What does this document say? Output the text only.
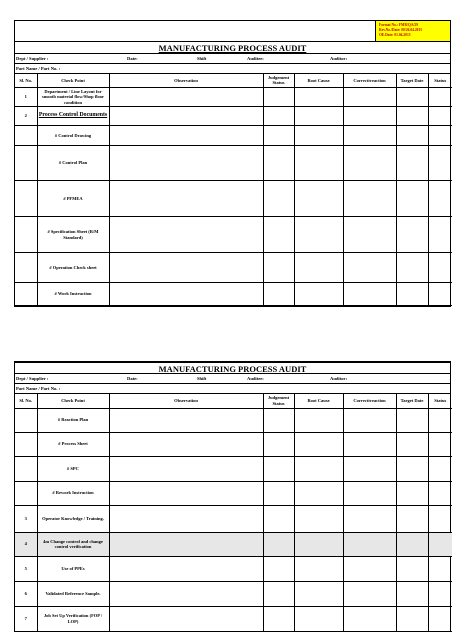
Format No.: FMR/QA/29
Rev.No./Date: 00/26.04.2015
OE.Date: 01.04.2015
MANUFACTURING PROCESS AUDIT
Dept / Supplier :	Date:	Shift	Auditee:	Auditor:
Part Name / Part No. :
Sl. No.	Check Point	Observation	Judgement Status	Root Cause	Correctiveaction	Target Date	Status
1	Department / Line Layout for smooth material flow/Shop floor condition						
2	Process Control Documents						
	# Control Drawing						
	# Control Plan						
	# PFMEA						
	# Specification Sheet (R/M Standard)						
	# Operation Check sheet						
	# Work Instruction						
MANUFACTURING PROCESS AUDIT
Dept / Supplier :	Date:	Shift	Auditee:	Auditor:
Part Name / Part No. :
Sl. No.	Check Point	Observation	Judgement Status	Root Cause	Correctiveaction	Target Date	Status
	# Reaction Plan						
	# Process Sheet						
	# SPC						
	# Rework Instruction						
3	Operator Knowledge / Training.						
4	4m Change control and change control verification						
5	Use of PPEs						
6	Validated Reference Sample.						
7	Job Set Up Verification (FOP / LOP)						
